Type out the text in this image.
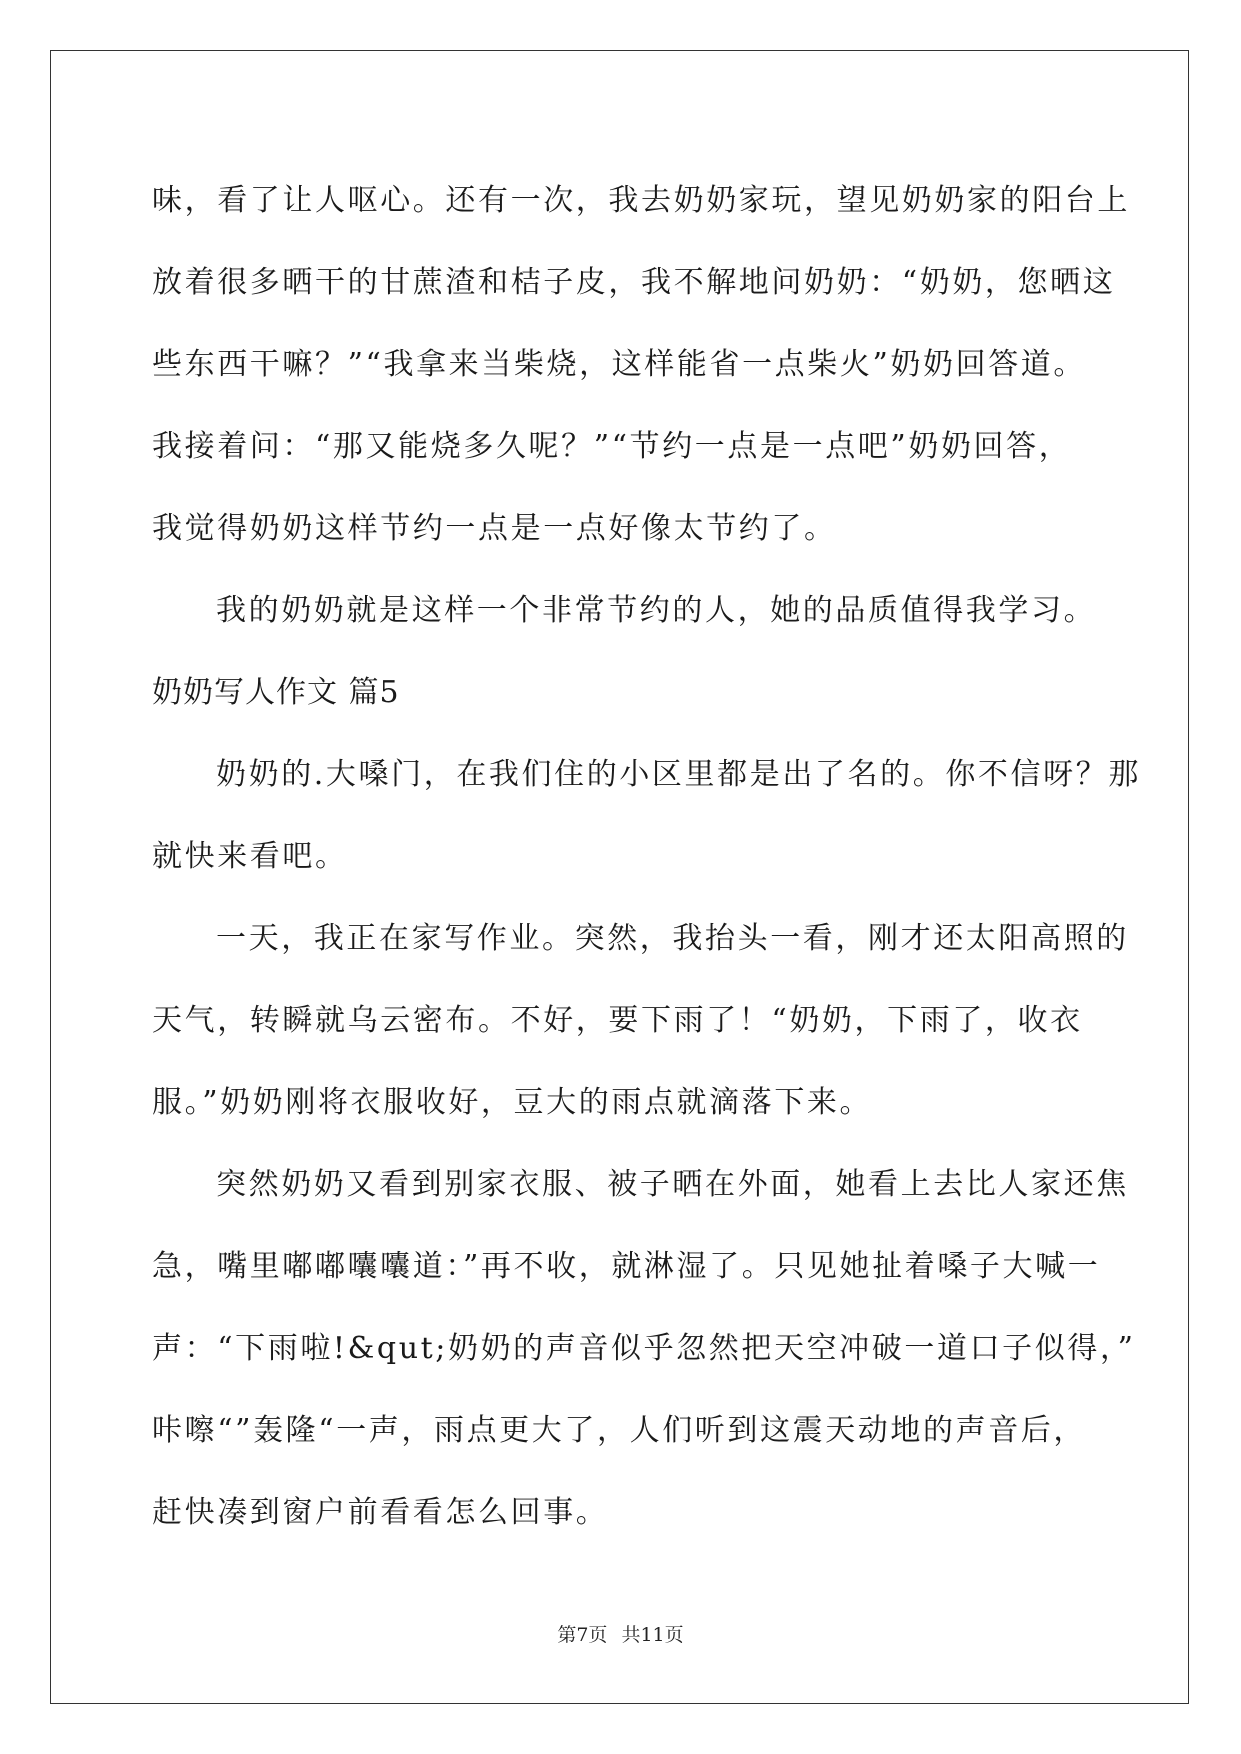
味，看了让人呕心。还有一次，我去奶奶家玩，望见奶奶家的阳台上
放着很多晒干的甘蔗渣和桔子皮，我不解地问奶奶：“奶奶，您晒这
些东西干嘛？”“我拿来当柴烧，这样能省一点柴火”奶奶回答道。
我接着问：“那又能烧多久呢？”“节约一点是一点吧”奶奶回答，
我觉得奶奶这样节约一点是一点好像太节约了。
我的奶奶就是这样一个非常节约的人，她的品质值得我学习。
奶奶写人作文 篇5
奶奶的.大嗓门，在我们住的小区里都是出了名的。你不信呀？那
就快来看吧。
一天，我正在家写作业。突然，我抬头一看，刚才还太阳高照的
天气，转瞬就乌云密布。不好，要下雨了！“奶奶，下雨了，收衣
服。”奶奶刚将衣服收好，豆大的雨点就滴落下来。
突然奶奶又看到别家衣服、被子晒在外面，她看上去比人家还焦
急，嘴里嘟嘟囔囔道：”再不收，就淋湿了。只见她扯着嗓子大喊一
声：“下雨啦!&qut;奶奶的声音似乎忽然把天空冲破一道口子似得，”
咔嚓“”轰隆“一声，雨点更大了，人们听到这震天动地的声音后，
赶快凑到窗户前看看怎么回事。
第7页 共11页
